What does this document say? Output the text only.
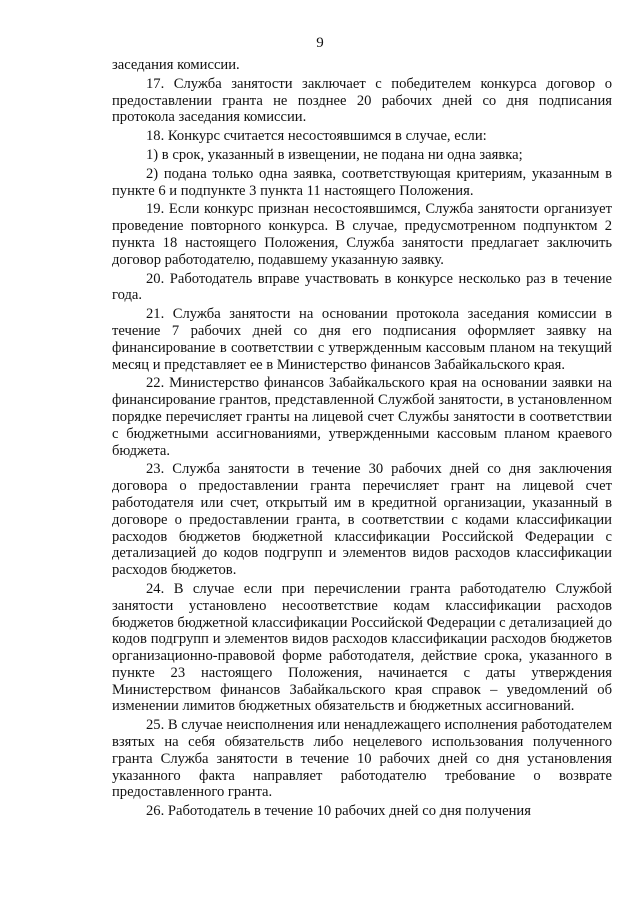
9

заседания комиссии.

17. Служба занятости заключает с победителем конкурса договор о предоставлении гранта не позднее 20 рабочих дней со дня подписания протокола заседания комиссии.

18. Конкурс считается несостоявшимся в случае, если:

1) в срок, указанный в извещении, не подана ни одна заявка;

2) подана только одна заявка, соответствующая критериям, указанным в пункте 6 и подпункте 3 пункта 11 настоящего Положения.

19. Если конкурс признан несостоявшимся, Служба занятости организует проведение повторного конкурса. В случае, предусмотренном подпунктом 2 пункта 18 настоящего Положения, Служба занятости предлагает заключить договор работодателю, подавшему указанную заявку.

20. Работодатель вправе участвовать в конкурсе несколько раз в течение года.

21. Служба занятости на основании протокола заседания комиссии в течение 7 рабочих дней со дня его подписания оформляет заявку на финансирование в соответствии с утвержденным кассовым планом на текущий месяц и представляет ее в Министерство финансов Забайкальского края.

22. Министерство финансов Забайкальского края на основании заявки на финансирование грантов, представленной Службой занятости, в установленном порядке перечисляет гранты на лицевой счет Службы занятости в соответствии с бюджетными ассигнованиями, утвержденными кассовым планом краевого бюджета.

23. Служба занятости в течение 30 рабочих дней со дня заключения договора о предоставлении гранта перечисляет грант на лицевой счет работодателя или счет, открытый им в кредитной организации, указанный в договоре о предоставлении гранта, в соответствии с кодами классификации расходов бюджетов бюджетной классификации Российской Федерации с детализацией до кодов подгрупп и элементов видов расходов классификации расходов бюджетов.

24. В случае если при перечислении гранта работодателю Службой занятости установлено несоответствие кодам классификации расходов бюджетов бюджетной классификации Российской Федерации с детализацией до кодов подгрупп и элементов видов расходов классификации расходов бюджетов организационно-правовой форме работодателя, действие срока, указанного в пункте 23 настоящего Положения, начинается с даты утверждения Министерством финансов Забайкальского края справок – уведомлений об изменении лимитов бюджетных обязательств и бюджетных ассигнований.

25. В случае неисполнения или ненадлежащего исполнения работодателем взятых на себя обязательств либо нецелевого использования полученного гранта Служба занятости в течение 10 рабочих дней со дня установления указанного факта направляет работодателю требование о возврате предоставленного гранта.

26. Работодатель в течение 10 рабочих дней со дня получения
